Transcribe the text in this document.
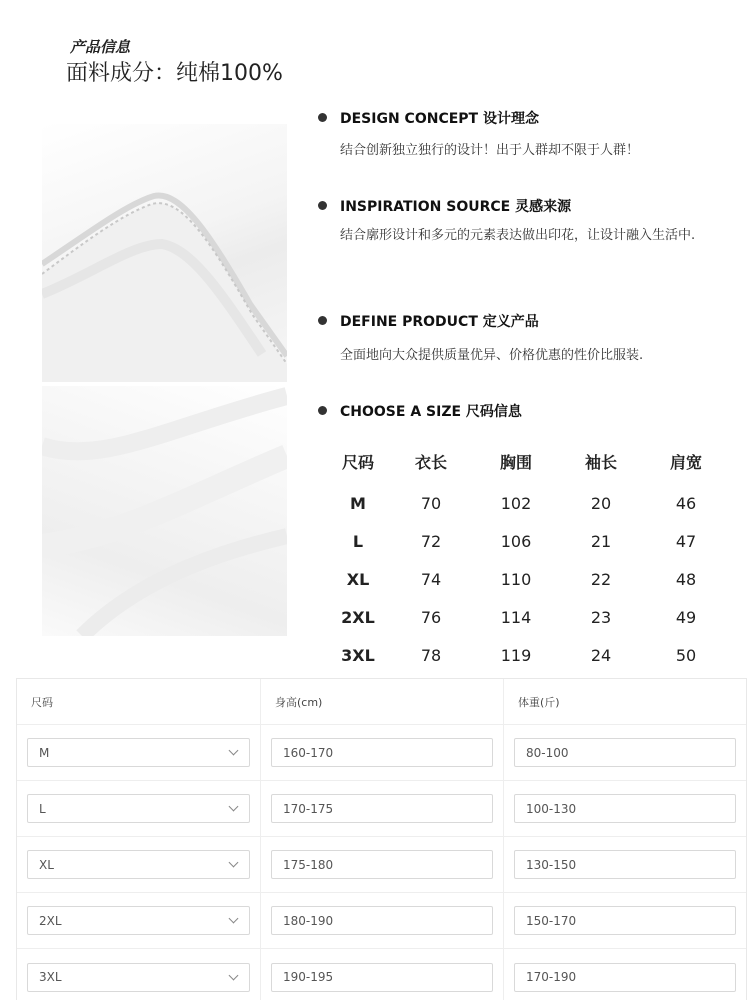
产品信息
面料成分：纯棉100%
DESIGN CONCEPT 设计理念
结合创新独立独行的设计！出于人群却不限于人群！
INSPIRATION SOURCE 灵感来源
结合廓形设计和多元的元素表达做出印花，让设计融入生活中.
DEFINE PRODUCT 定义产品
全面地向大众提供质量优异、价格优惠的性价比服装.
CHOOSE A SIZE 尺码信息
尺码	衣长	胸围	袖长	肩宽
M	70	102	20	46
L	72	106	21	47
XL	74	110	22	48
2XL	76	114	23	49
3XL	78	119	24	50
尺码	身高(cm)	体重(斤)
M	160-170	80-100
L	170-175	100-130
XL	175-180	130-150
2XL	180-190	150-170
3XL	190-195	170-190
